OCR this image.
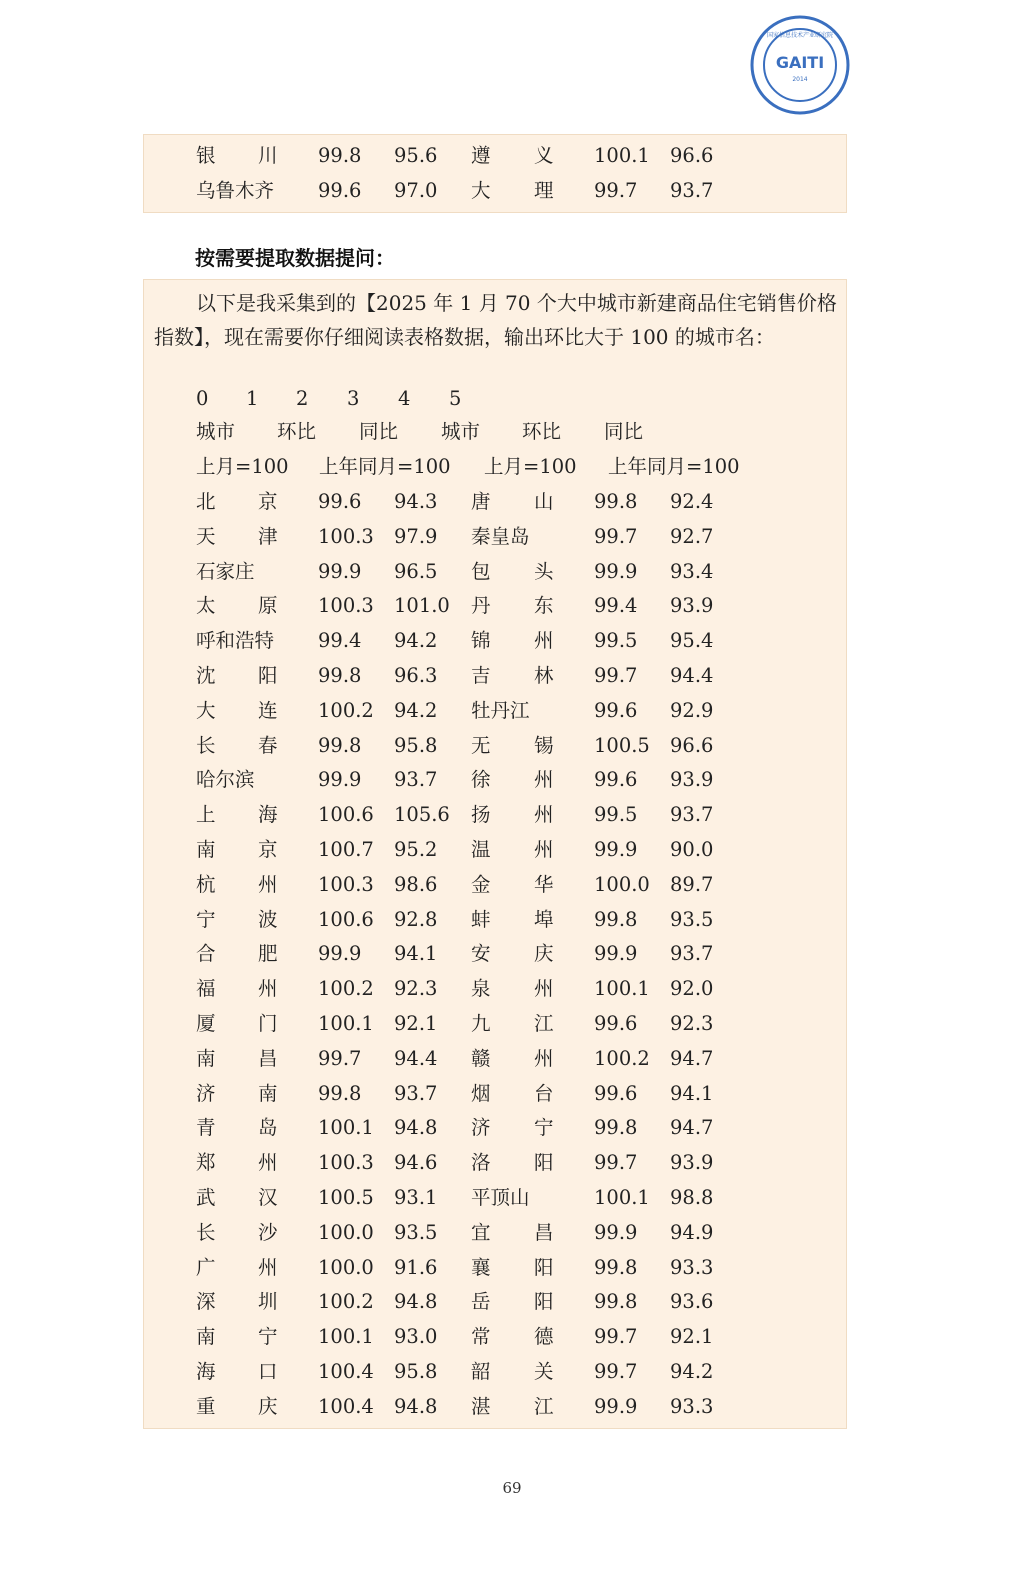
GAITI
2014
国家信息技术产业研究院
银 川 99.8 95.6 遵 义 100.1 96.6
乌鲁木齐 99.6 97.0 大 理 99.7 93.7
按需要提取数据提问：
以下是我采集到的【2025 年 1 月 70 个大中城市新建商品住宅销售价格指数】，现在需要你仔细阅读表格数据，输出环比大于 100 的城市名：
0 1 2 3 4 5
城市 环比 同比 城市 环比 同比
上月=100 上年同月=100 上月=100 上年同月=100
北 京 99.6 94.3 唐 山 99.8 92.4
天 津 100.3 97.9 秦皇岛	99.7 92.7
石家庄	99.9 96.5 包 头 99.9 93.4
太 原 100.3 101.0 丹 东 99.4 93.9
呼和浩特 99.4 94.2 锦 州 99.5 95.4
沈 阳 99.8 96.3 吉 林 99.7 94.4
大 连 100.2 94.2 牡丹江	99.6 92.9
长 春 99.8 95.8 无 锡 100.5 96.6
哈尔滨	99.9 93.7 徐 州 99.6 93.9
上 海 100.6 105.6 扬 州 99.5 93.7
南 京 100.7 95.2 温 州 99.9 90.0
杭 州 100.3 98.6 金 华 100.0 89.7
宁 波 100.6 92.8 蚌 埠 99.8 93.5
合 肥 99.9 94.1 安 庆 99.9 93.7
福 州 100.2 92.3 泉 州 100.1 92.0
厦 门 100.1 92.1 九 江 99.6 92.3
南 昌 99.7 94.4 赣 州 100.2 94.7
济 南 99.8 93.7 烟 台 99.6 94.1
青 岛 100.1 94.8 济 宁 99.8 94.7
郑 州 100.3 94.6 洛 阳 99.7 93.9
武 汉 100.5 93.1 平顶山	100.1 98.8
长 沙 100.0 93.5 宜 昌 99.9 94.9
广 州 100.0 91.6 襄 阳 99.8 93.3
深 圳 100.2 94.8 岳 阳 99.8 93.6
南 宁 100.1 93.0 常 德 99.7 92.1
海 口 100.4 95.8 韶 关 99.7 94.2
重 庆 100.4 94.8 湛 江 99.9 93.3
69
